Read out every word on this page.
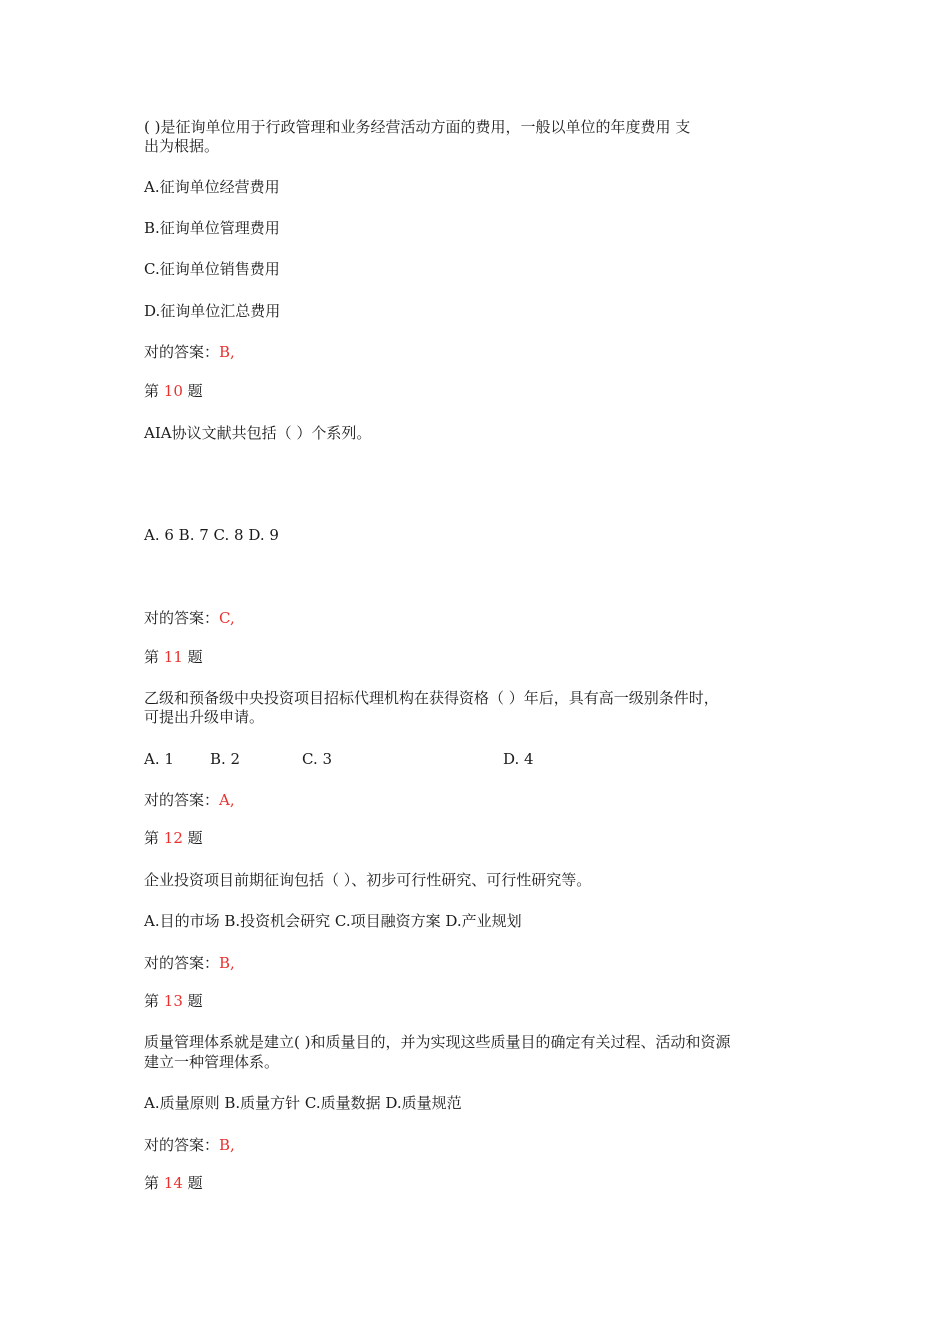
( )是征询单位用于行政管理和业务经营活动方面的费用，一般以单位的年度费用 支
出为根据。
A.征询单位经营费用
B.征询单位管理费用
C.征询单位销售费用
D.征询单位汇总费用
对的答案：B,
第 10 题
AIA协议文献共包括（ ）个系列。
A. 6 B. 7 C. 8 D. 9
对的答案：C,
第 11 题
乙级和预备级中央投资项目招标代理机构在获得资格（ ）年后，具有高一级别条件时，
可提出升级申请。
A. 1 B. 2	C. 3	D. 4
对的答案：A,
第 12 题
企业投资项目前期征询包括（ ）、初步可行性研究、可行性研究等。
A.目的市场 B.投资机会研究 C.项目融资方案 D.产业规划
对的答案：B,
第 13 题
质量管理体系就是建立( )和质量目的，并为实现这些质量目的确定有关过程、活动和资源
建立一种管理体系。
A.质量原则 B.质量方针 C.质量数据 D.质量规范
对的答案：B,
第 14 题
